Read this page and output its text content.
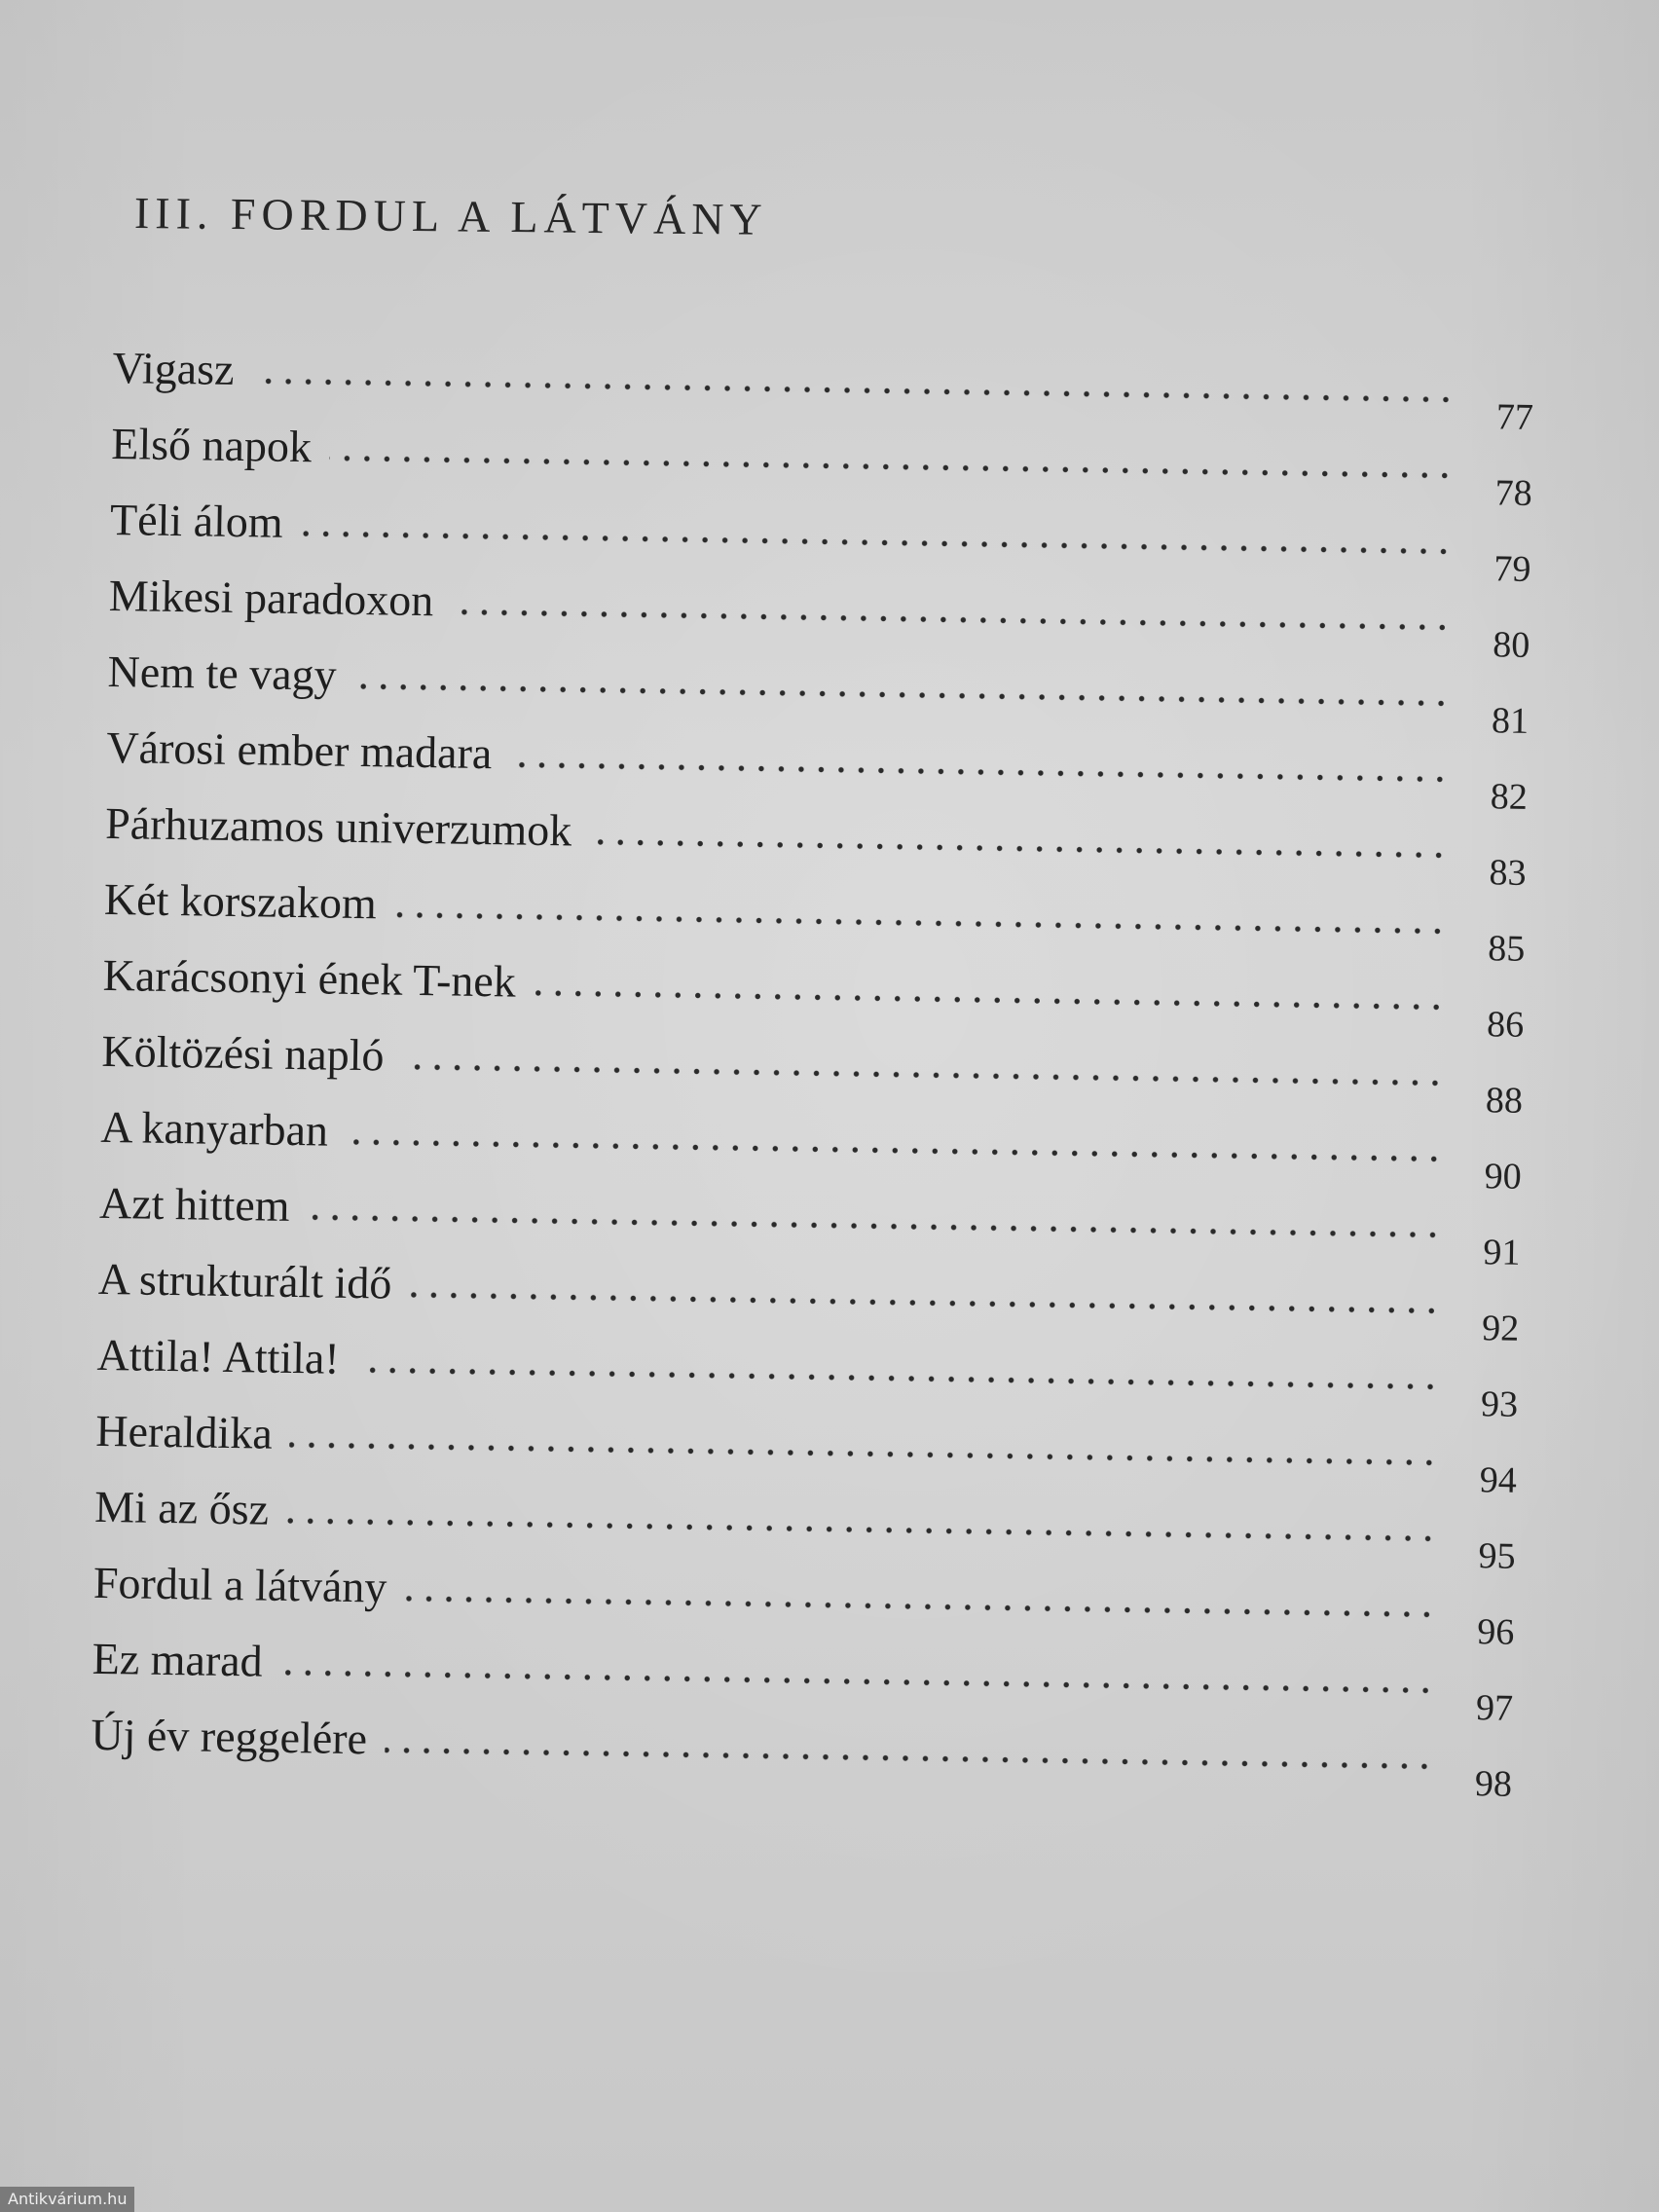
III. FORDUL A LÁTVÁNY
Vigasz
77
Első napok
78
Téli álom
79
Mikesi paradoxon
80
Nem te vagy
81
Városi ember madara
82
Párhuzamos univerzumok
83
Két korszakom
85
Karácsonyi ének T-nek
86
Költözési napló
88
A kanyarban
90
Azt hittem
91
A strukturált idő
92
Attila! Attila!
93
Heraldika
94
Mi az ősz
95
Fordul a látvány
96
Ez marad
97
Új év reggelére
98
Antikvárium.hu
